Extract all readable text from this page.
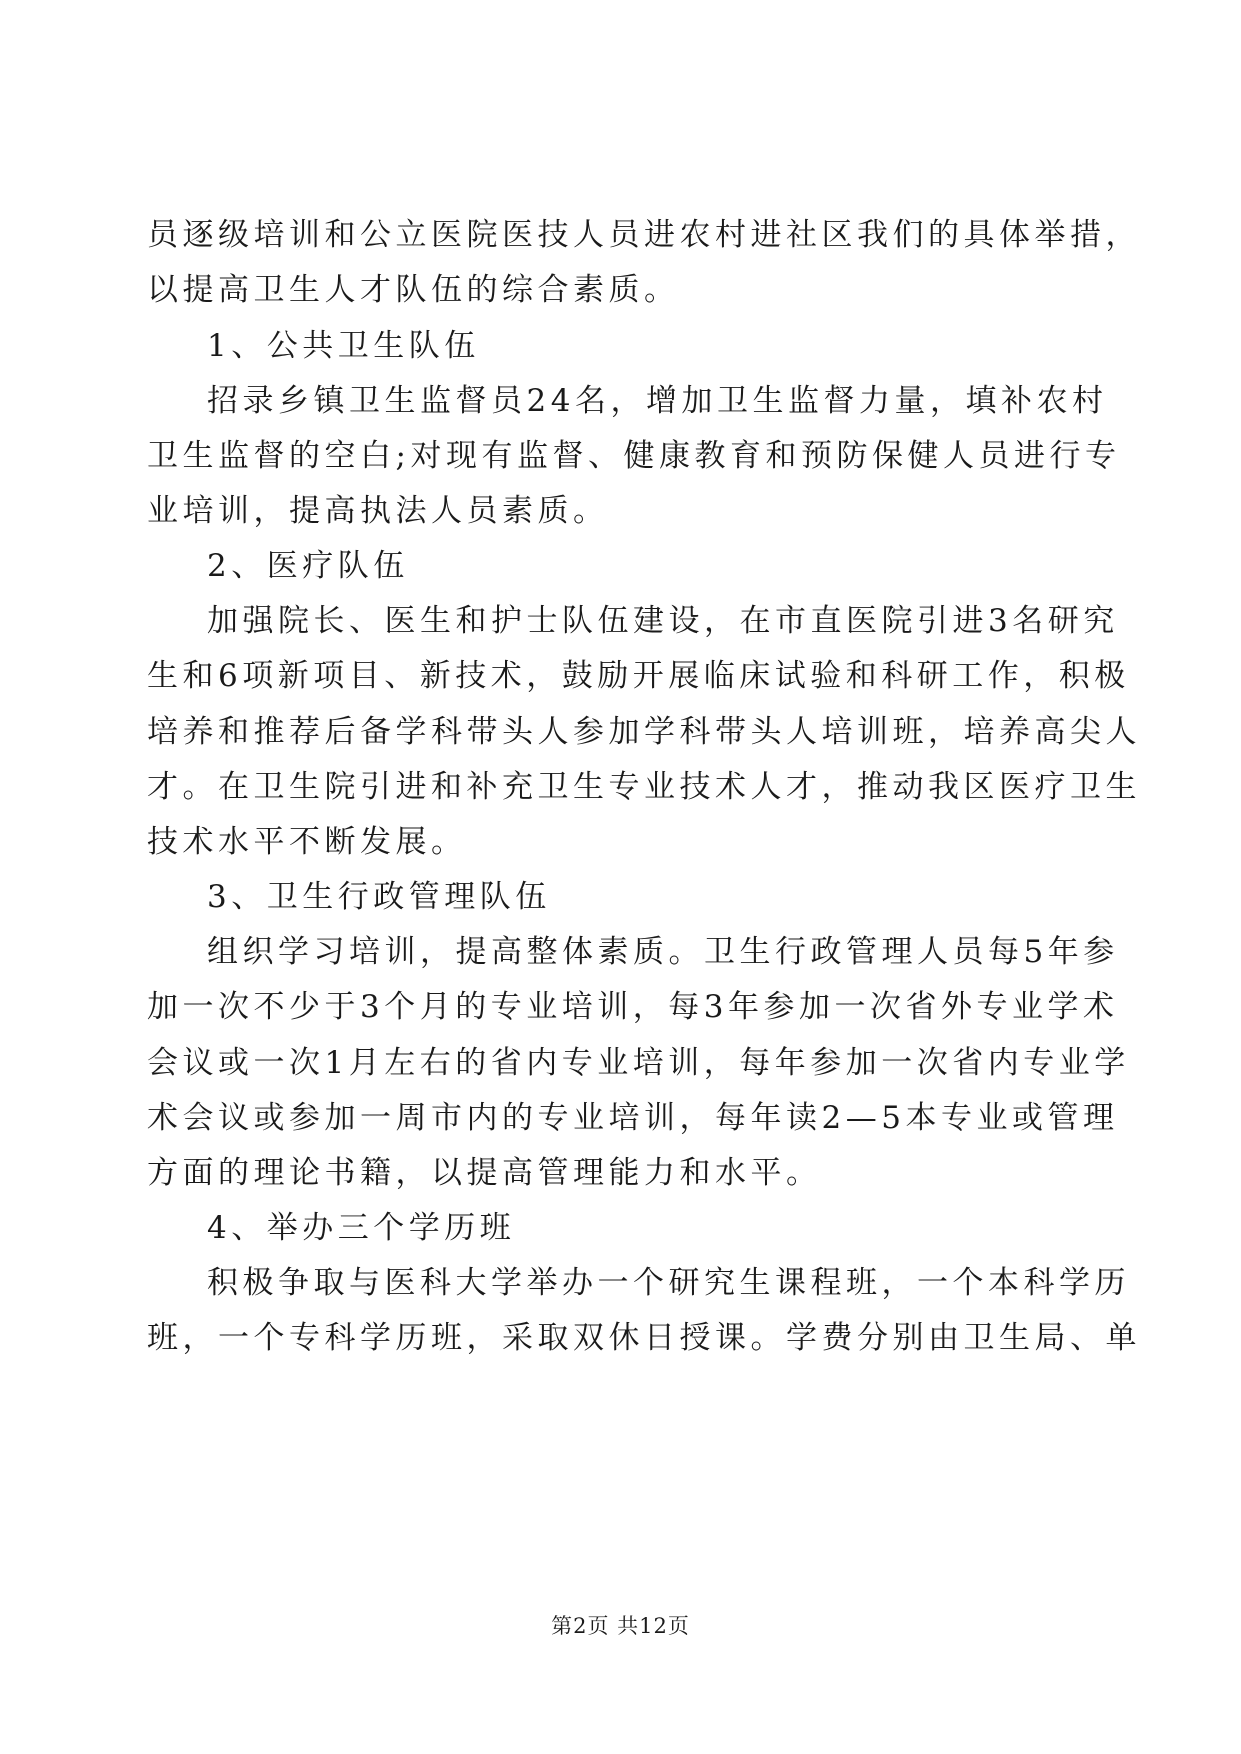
员逐级培训和公立医院医技人员进农村进社区我们的具体举措，
以提高卫生人才队伍的综合素质。
1、公共卫生队伍
招录乡镇卫生监督员24名，增加卫生监督力量，填补农村
卫生监督的空白;对现有监督、健康教育和预防保健人员进行专
业培训，提高执法人员素质。
2、医疗队伍
加强院长、医生和护士队伍建设，在市直医院引进3名研究
生和6项新项目、新技术，鼓励开展临床试验和科研工作，积极
培养和推荐后备学科带头人参加学科带头人培训班，培养高尖人
才。在卫生院引进和补充卫生专业技术人才，推动我区医疗卫生
技术水平不断发展。
3、卫生行政管理队伍
组织学习培训，提高整体素质。卫生行政管理人员每5年参
加一次不少于3个月的专业培训，每3年参加一次省外专业学术
会议或一次1月左右的省内专业培训，每年参加一次省内专业学
术会议或参加一周市内的专业培训，每年读2—5本专业或管理
方面的理论书籍，以提高管理能力和水平。
4、举办三个学历班
积极争取与医科大学举办一个研究生课程班，一个本科学历
班，一个专科学历班，采取双休日授课。学费分别由卫生局、单
第2页 共12页
